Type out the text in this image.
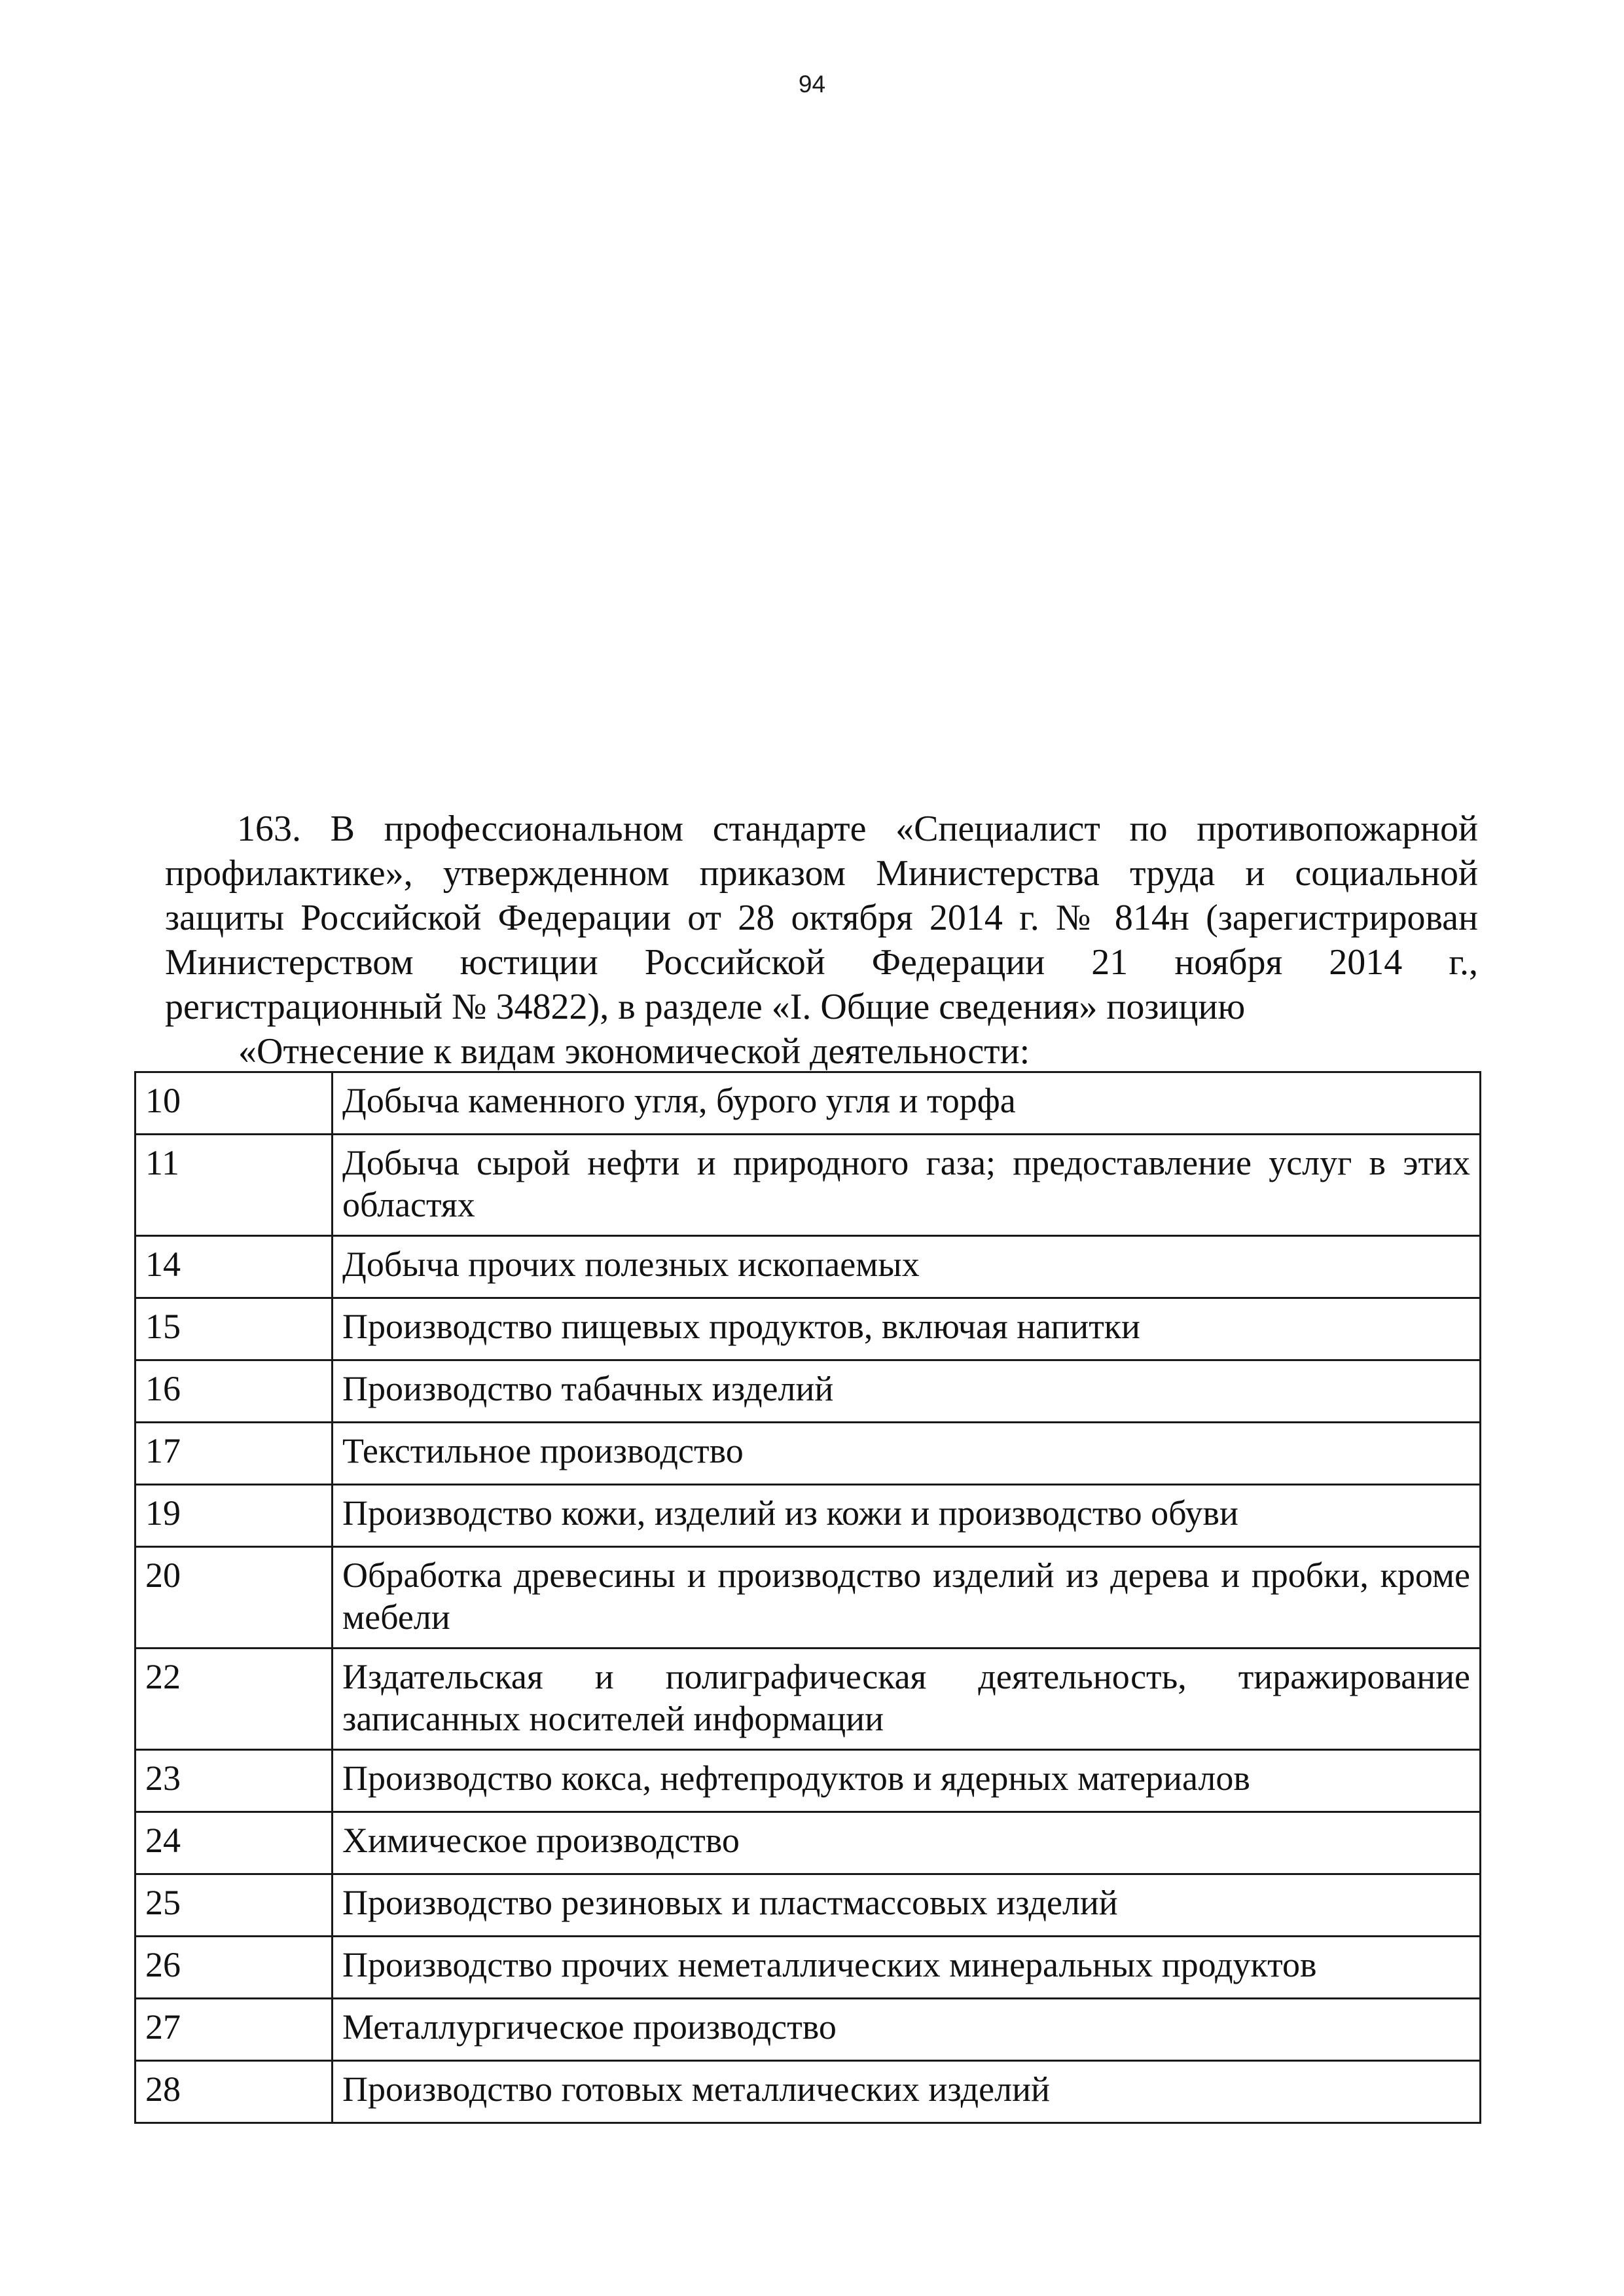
94
163. В профессиональном стандарте «Специалист по противопожарной
профилактике», утвержденном приказом Министерства труда и социальной
защиты Российской Федерации от 28 октября 2014 г. № 814н (зарегистрирован
Министерством юстиции Российской Федерации 21 ноября 2014 г.,
регистрационный № 34822), в разделе «I. Общие сведения» позицию
«Отнесение к видам экономической деятельности:
10	Добыча каменного угля, бурого угля и торфа
11	Добыча сырой нефти и природного газа; предоставление услуг в этих областях
14	Добыча прочих полезных ископаемых
15	Производство пищевых продуктов, включая напитки
16	Производство табачных изделий
17	Текстильное производство
19	Производство кожи, изделий из кожи и производство обуви
20	Обработка древесины и производство изделий из дерева и пробки, кроме мебели
22	Издательская и полиграфическая деятельность, тиражирование записанных носителей информации
23	Производство кокса, нефтепродуктов и ядерных материалов
24	Химическое производство
25	Производство резиновых и пластмассовых изделий
26	Производство прочих неметаллических минеральных продуктов
27	Металлургическое производство
28	Производство готовых металлических изделий
